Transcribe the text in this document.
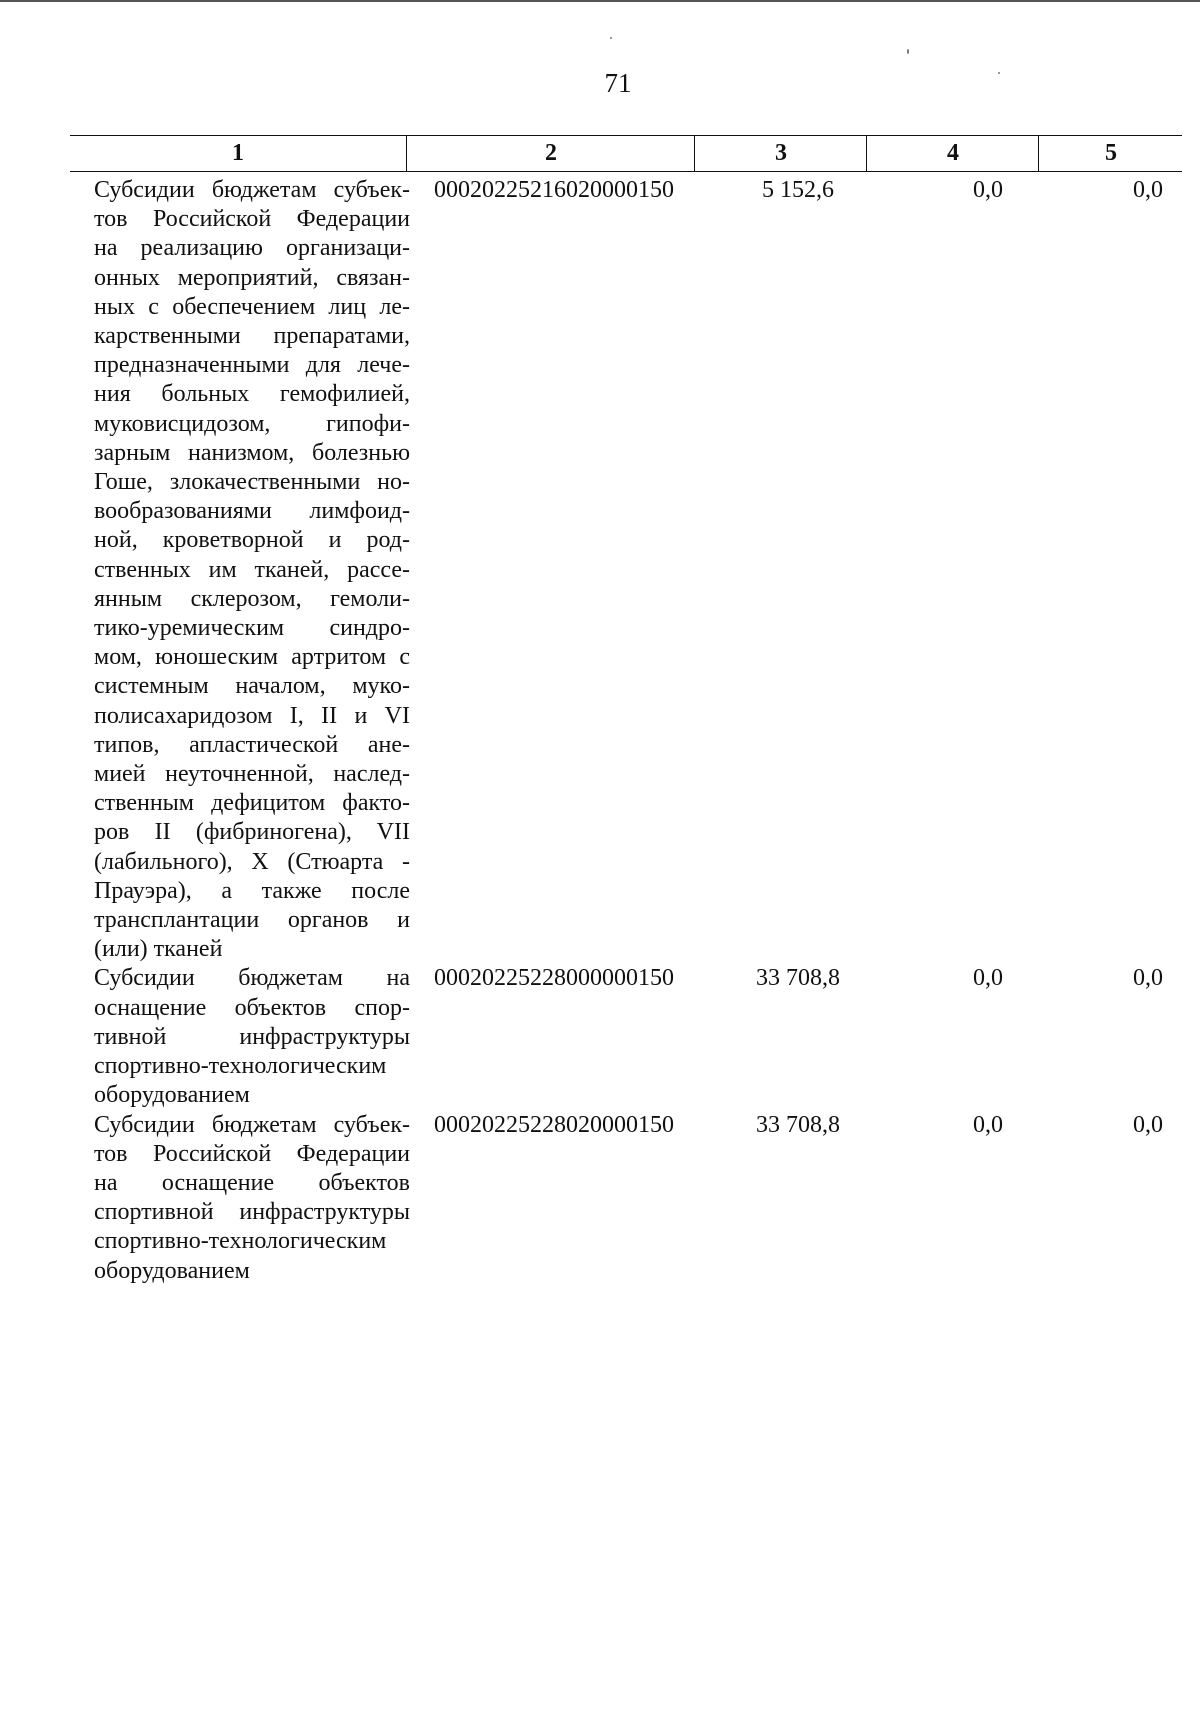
71
1	2	3	4	5
Субсидии бюджетам субъек-
тов Российской Федерации
на реализацию организаци-
онных мероприятий, связан-
ных с обеспечением лиц ле-
карственными препаратами,
предназначенными для лече-
ния больных гемофилией,
муковисцидозом, гипофи-
зарным нанизмом, болезнью
Гоше, злокачественными но-
вообразованиями лимфоид-
ной, кроветворной и род-
ственных им тканей, рассе-
янным склерозом, гемоли-
тико-уремическим синдро-
мом, юношеским артритом с
системным началом, муко-
полисахаридозом I, II и VI
типов, апластической ане-
мией неуточненной, наслед-
ственным дефицитом факто-
ров II (фибриногена), VII
(лабильного), X (Стюарта -
Прауэра), а также после
трансплантации органов и
(или) тканей
00020225216020000150	5 152,6	0,0	0,0
Субсидии бюджетам на
оснащение объектов спор-
тивной инфраструктуры
спортивно-технологическим
оборудованием
00020225228000000150	33 708,8	0,0	0,0
Субсидии бюджетам субъек-
тов Российской Федерации
на оснащение объектов
спортивной инфраструктуры
спортивно-технологическим
оборудованием
00020225228020000150	33 708,8	0,0	0,0
